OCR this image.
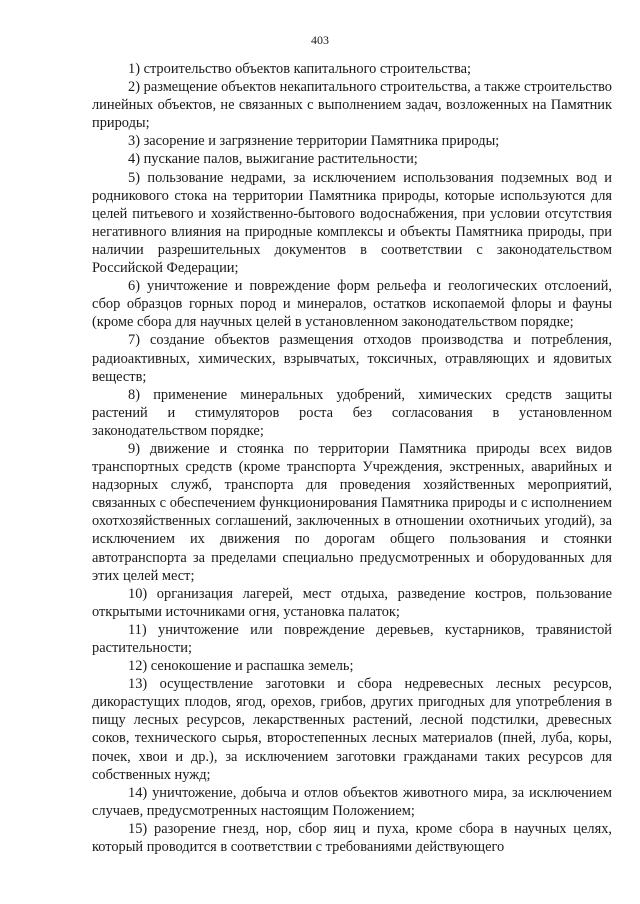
403

1) строительство объектов капитального строительства;

2) размещение объектов некапитального строительства, а также строительство линейных объектов, не связанных с выполнением задач, возложенных на Памятник природы;

3) засорение и загрязнение территории Памятника природы;

4) пускание палов, выжигание растительности;

5) пользование недрами, за исключением использования подземных вод и родникового стока на территории Памятника природы, которые используются для целей питьевого и хозяйственно-бытового водоснабжения, при условии отсутствия негативного влияния на природные комплексы и объекты Памятника природы, при наличии разрешительных документов в соответствии с законодательством Российской Федерации;

6) уничтожение и повреждение форм рельефа и геологических отслоений, сбор образцов горных пород и минералов, остатков ископаемой флоры и фауны (кроме сбора для научных целей в установленном законодательством порядке;

7) создание объектов размещения отходов производства и потребления, радиоактивных, химических, взрывчатых, токсичных, отравляющих и ядовитых веществ;

8) применение минеральных удобрений, химических средств защиты растений и стимуляторов роста без согласования в установленном законодательством порядке;

9) движение и стоянка по территории Памятника природы всех видов транспортных средств (кроме транспорта Учреждения, экстренных, аварийных и надзорных служб, транспорта для проведения хозяйственных мероприятий, связанных с обеспечением функционирования Памятника природы и с исполнением охотхозяйственных соглашений, заключенных в отношении охотничьих угодий), за исключением их движения по дорогам общего пользования и стоянки автотранспорта за пределами специально предусмотренных и оборудованных для этих целей мест;

10) организация лагерей, мест отдыха, разведение костров, пользование открытыми источниками огня, установка палаток;

11) уничтожение или повреждение деревьев, кустарников, травянистой растительности;

12) сенокошение и распашка земель;

13) осуществление заготовки и сбора недревесных лесных ресурсов, дикорастущих плодов, ягод, орехов, грибов, других пригодных для употребления в пищу лесных ресурсов, лекарственных растений, лесной подстилки, древесных соков, технического сырья, второстепенных лесных материалов (пней, луба, коры, почек, хвои и др.), за исключением заготовки гражданами таких ресурсов для собственных нужд;

14) уничтожение, добыча и отлов объектов животного мира, за исключением случаев, предусмотренных настоящим Положением;

15) разорение гнезд, нор, сбор яиц и пуха, кроме сбора в научных целях, который проводится в соответствии с требованиями действующего
